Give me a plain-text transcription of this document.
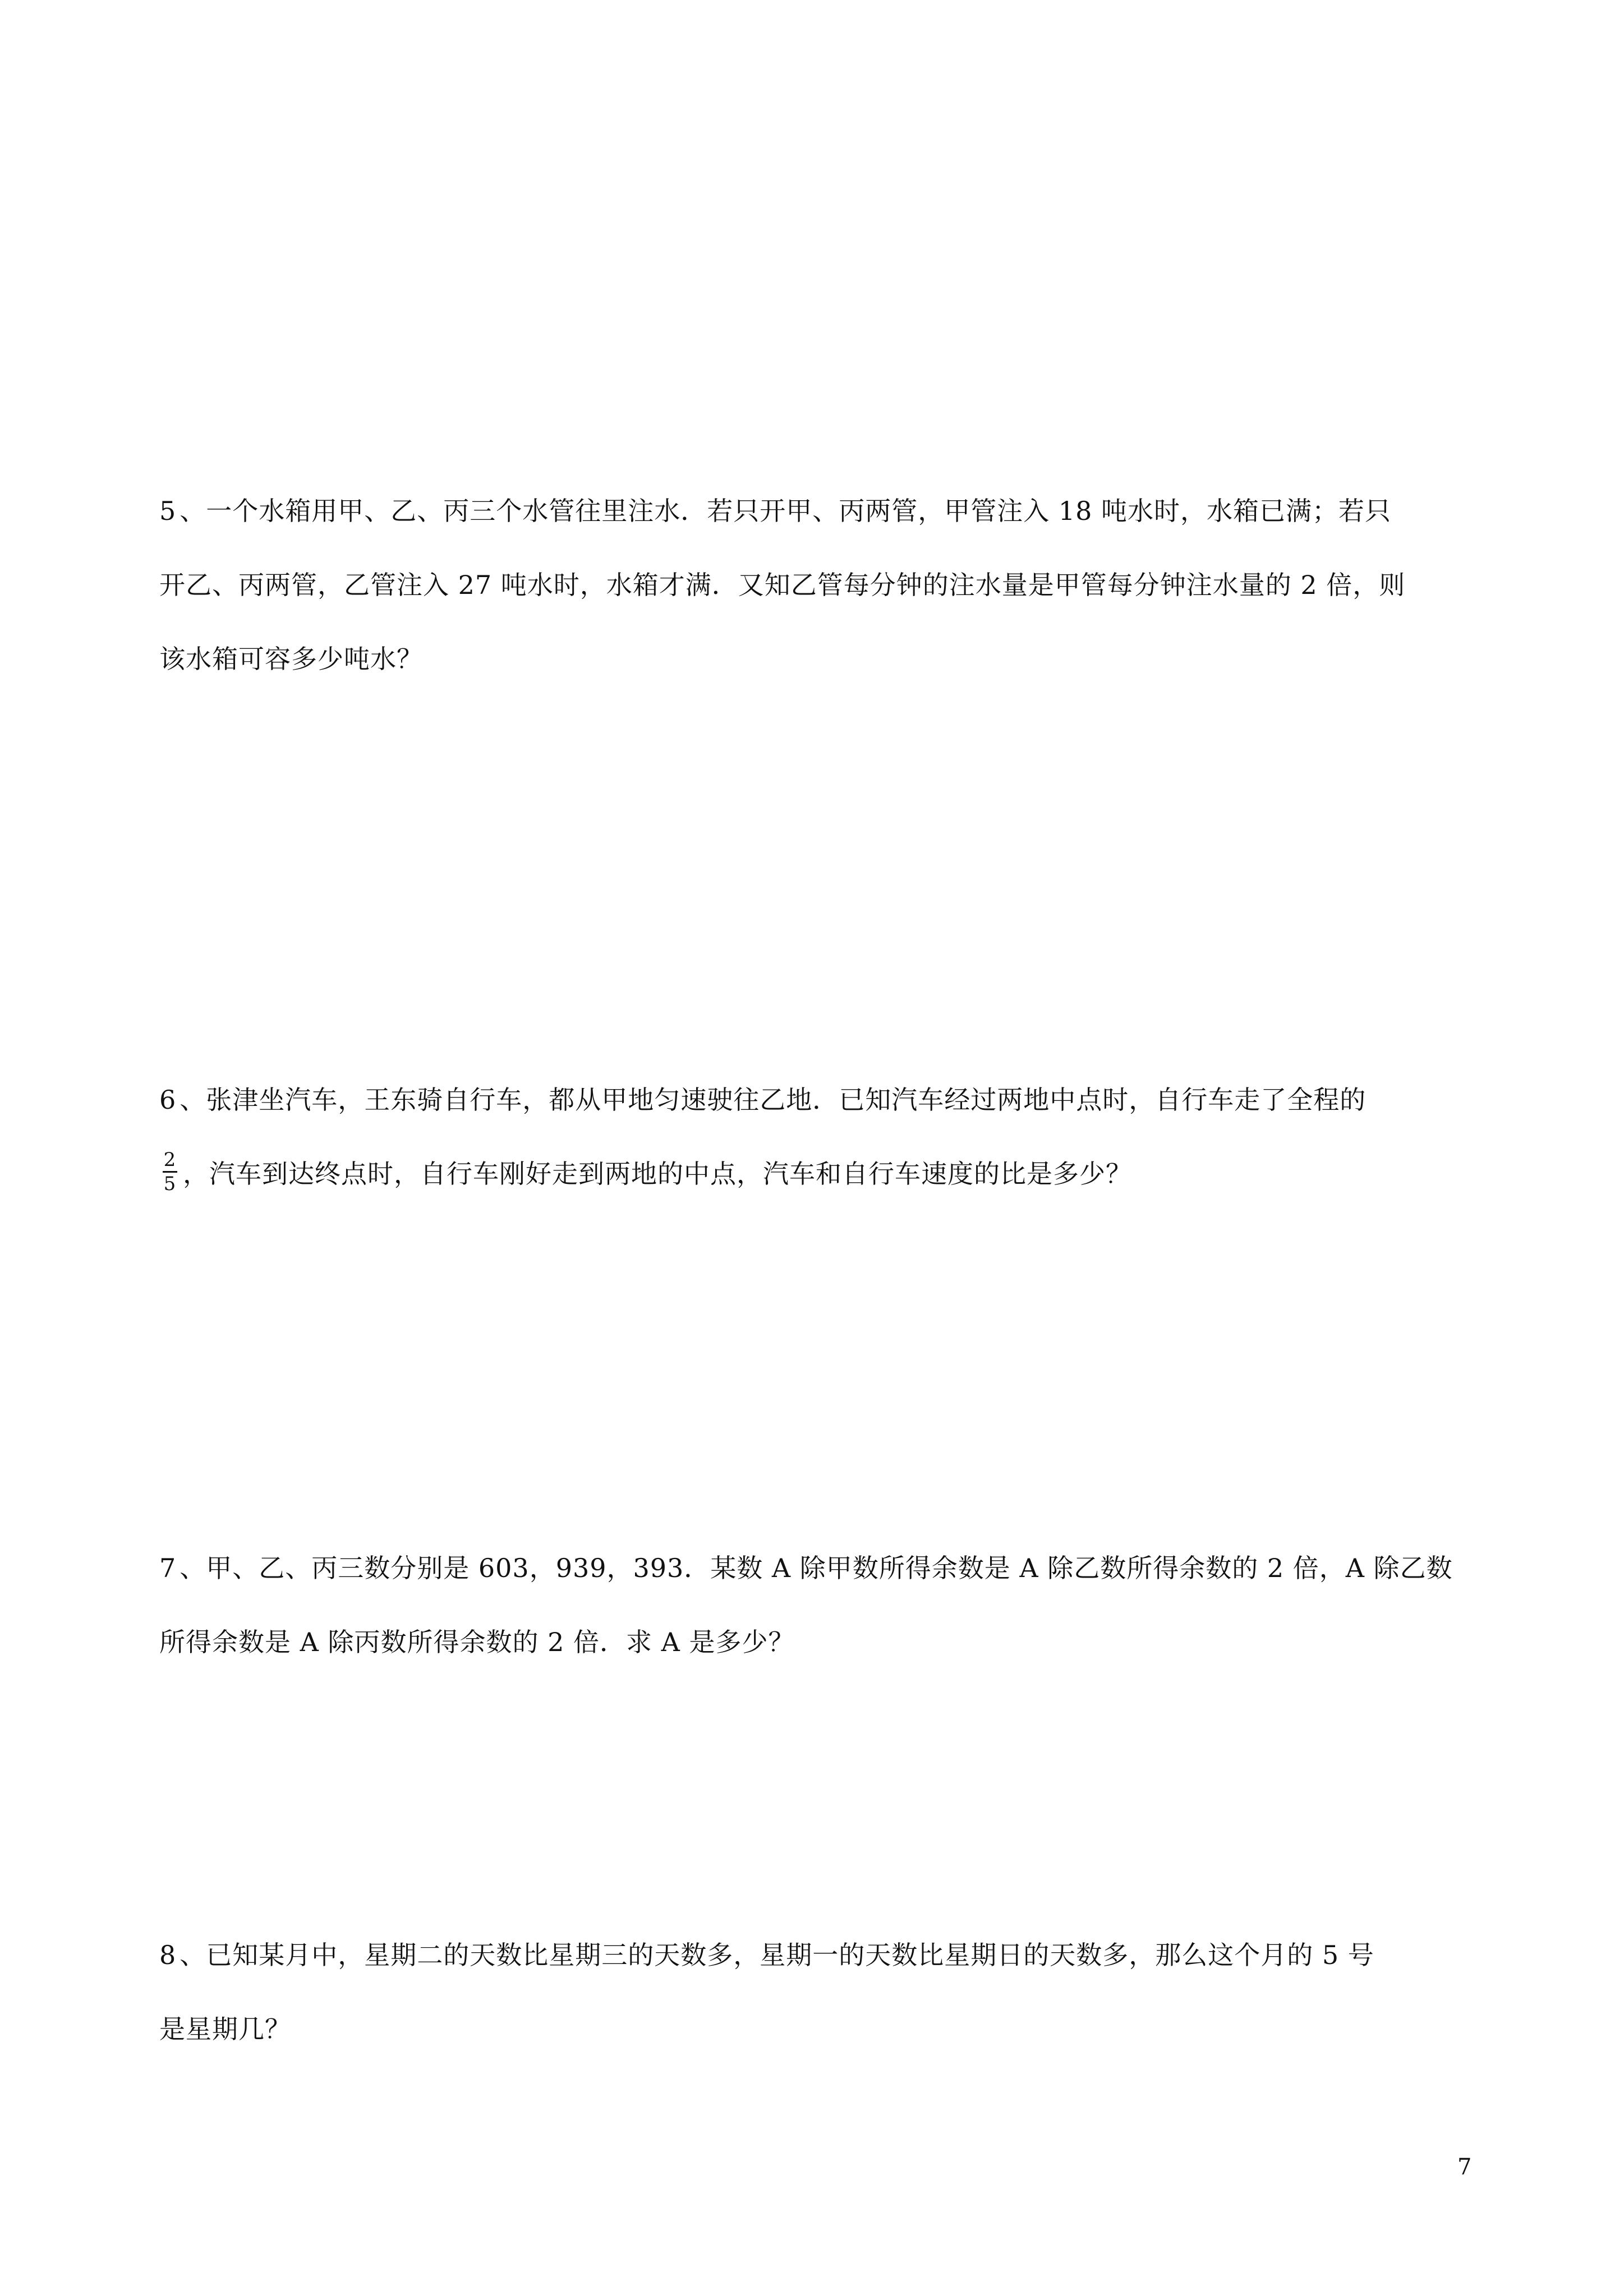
5 、一个水箱用甲、乙、丙三个水管往里注水．若只开甲、丙两管，甲管注入 18 吨水时，水箱已满；若只
开乙、丙两管，乙管注入 27 吨水时，水箱才满．又知乙管每分钟的注水量是甲管每分钟注水量的 2 倍，则
该水箱可容多少吨水？
6 、张津坐汽车，王东骑自行车，都从甲地匀速驶往乙地．已知汽车经过两地中点时，自行车走了全程的
$\frac{2}{5}$ ，汽车到达终点时，自行车刚好走到两地的中点，汽车和自行车速度的比是多少？
7 、甲、乙、丙三数分别是 603，939，393．某数 A 除甲数所得余数是 A 除乙数所得余数的 2 倍，A 除乙数
所得余数是 A 除丙数所得余数的 2 倍．求 A 是多少？
8 、已知某月中，星期二的天数比星期三的天数多，星期一的天数比星期日的天数多，那么这个月的 5 号
是星期几？
7
